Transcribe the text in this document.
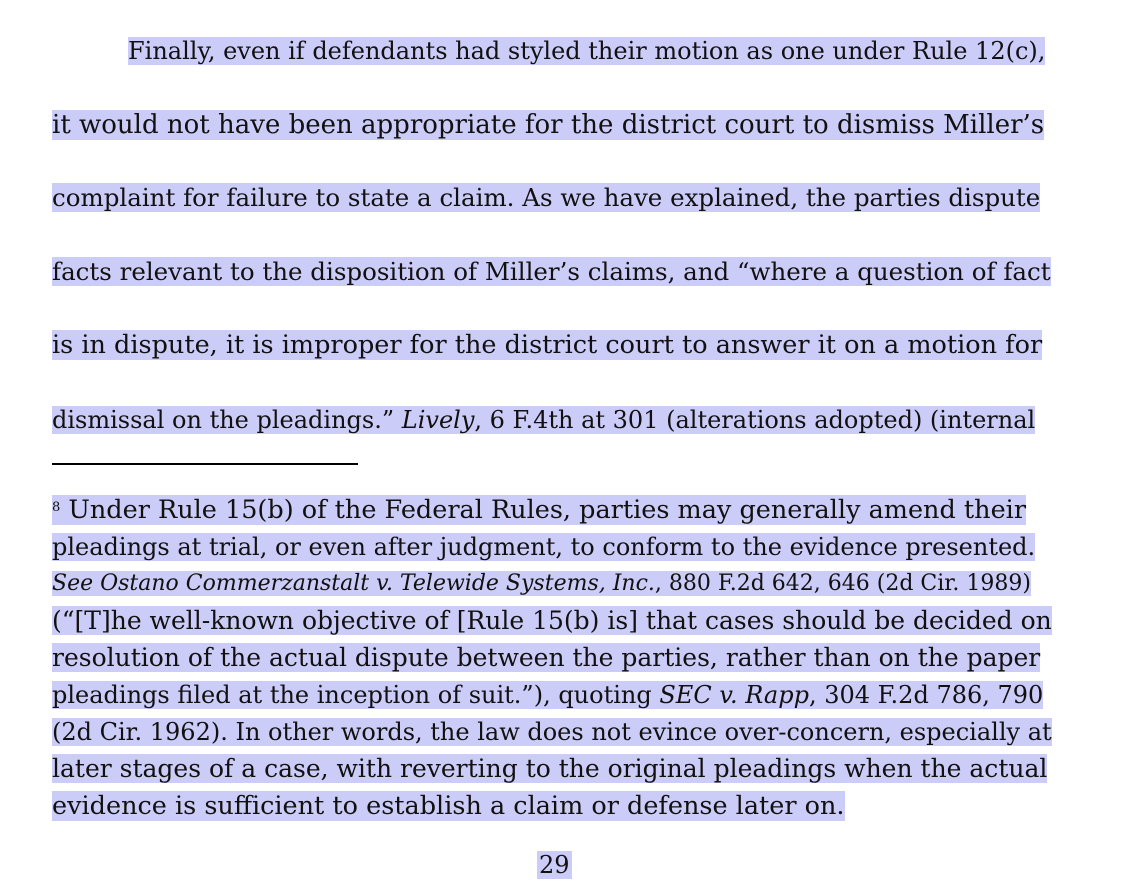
Finally, even if defendants had styled their motion as one under Rule 12(c),
it would not have been appropriate for the district court to dismiss Miller’s
complaint for failure to state a claim. As we have explained, the parties dispute
facts relevant to the disposition of Miller’s claims, and “where a question of fact
is in dispute, it is improper for the district court to answer it on a motion for
dismissal on the pleadings.” Lively, 6 F.4th at 301 (alterations adopted) (internal
$^8$ Under Rule 15(b) of the Federal Rules, parties may generally amend their
pleadings at trial, or even after judgment, to conform to the evidence presented.
See Ostano Commerzanstalt v. Telewide Systems, Inc., 880 F.2d 642, 646 (2d Cir. 1989)
(“[T]he well-known objective of [Rule 15(b) is] that cases should be decided on
resolution of the actual dispute between the parties, rather than on the paper
pleadings filed at the inception of suit.”), quoting SEC v. Rapp, 304 F.2d 786, 790
(2d Cir. 1962). In other words, the law does not evince over-concern, especially at
later stages of a case, with reverting to the original pleadings when the actual
evidence is sufficient to establish a claim or defense later on.
29
